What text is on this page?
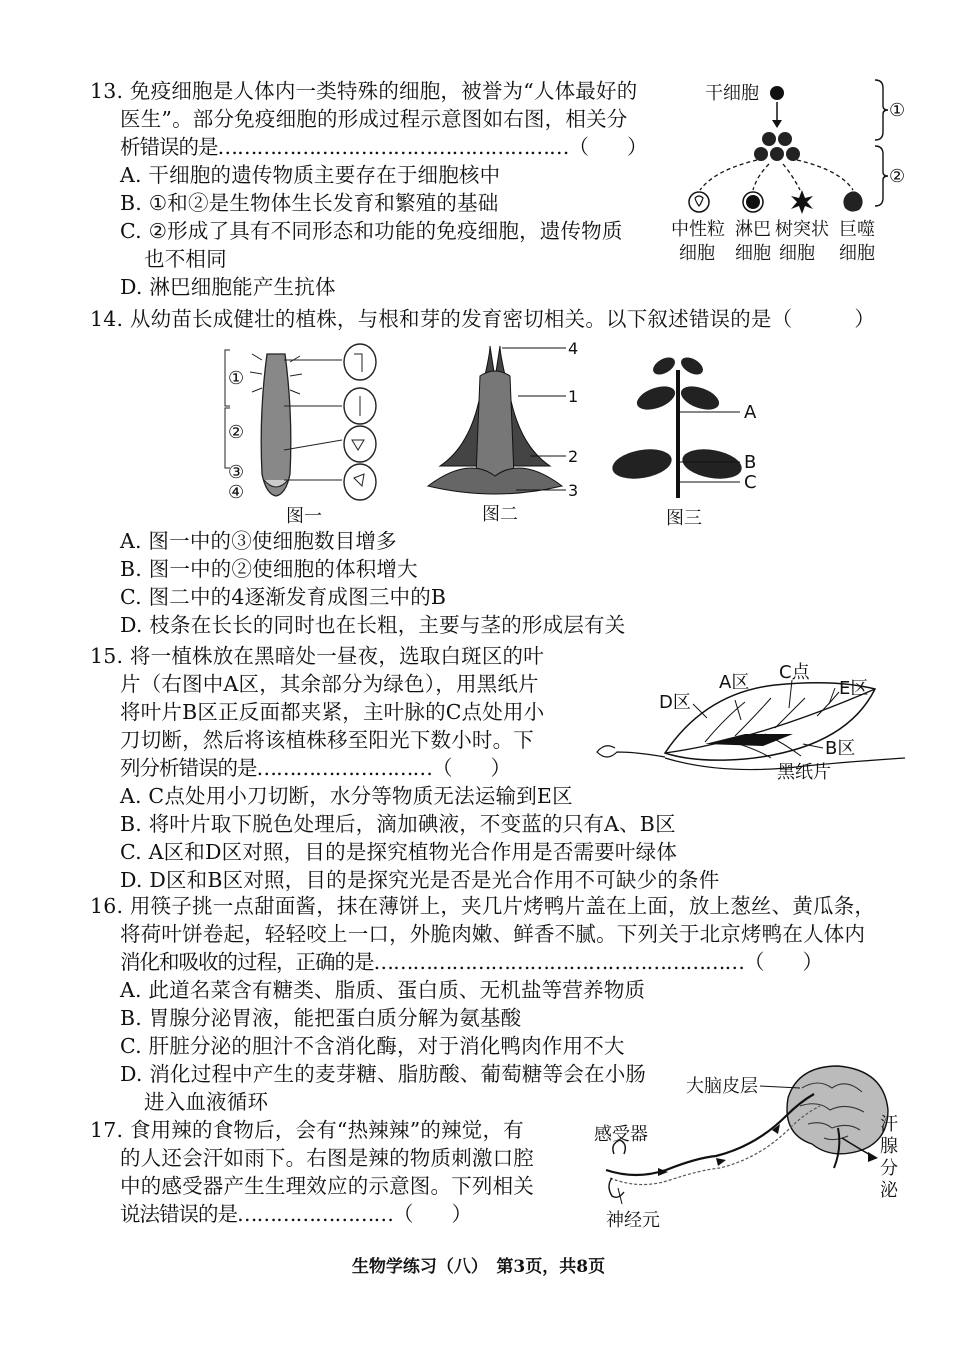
13. 免疫细胞是人体内一类特殊的细胞，被誉为“人体最好的
医生”。部分免疫细胞的形成过程示意图如右图，相关分
析错误的是………………………………………………（　　）
A. 干细胞的遗传物质主要存在于细胞核中
B. ①和②是生物体生长发育和繁殖的基础
C. ②形成了具有不同形态和功能的免疫细胞，遗传物质
也不相同
D. 淋巴细胞能产生抗体
干细胞
中性粒
细胞
淋巴
细胞
树突状
细胞
巨噬
细胞
①
②
14. 从幼苗长成健壮的植株，与根和芽的发育密切相关。以下叙述错误的是（　　　）
①
②
③
④
图一
4
1
2
3
图二
A
B
C
图三
A. 图一中的③使细胞数目增多
B. 图一中的②使细胞的体积增大
C. 图二中的4逐渐发育成图三中的B
D. 枝条在长长的同时也在长粗，主要与茎的形成层有关
15. 将一植株放在黑暗处一昼夜，选取白斑区的叶
片（右图中A区，其余部分为绿色），用黑纸片
将叶片B区正反面都夹紧，主叶脉的C点处用小
刀切断，然后将该植株移至阳光下数小时。下
列分析错误的是………………………（　　）
A区 C点
E区
D区
B区
黑纸片
A. C点处用小刀切断，水分等物质无法运输到E区
B. 将叶片取下脱色处理后，滴加碘液，不变蓝的只有A、B区
C. A区和D区对照，目的是探究植物光合作用是否需要叶绿体
D. D区和B区对照，目的是探究光是否是光合作用不可缺少的条件
16. 用筷子挑一点甜面酱，抹在薄饼上，夹几片烤鸭片盖在上面，放上葱丝、黄瓜条，
将荷叶饼卷起，轻轻咬上一口，外脆肉嫩、鲜香不腻。下列关于北京烤鸭在人体内
消化和吸收的过程，正确的是…………………………………………………（　　）
A. 此道名菜含有糖类、脂质、蛋白质、无机盐等营养物质
B. 胃腺分泌胃液，能把蛋白质分解为氨基酸
C. 肝脏分泌的胆汁不含消化酶，对于消化鸭肉作用不大
D. 消化过程中产生的麦芽糖、脂肪酸、葡萄糖等会在小肠
进入血液循环
17. 食用辣的食物后，会有“热辣辣”的辣觉，有
的人还会汗如雨下。右图是辣的物质刺激口腔
中的感受器产生生理效应的示意图。下列相关
说法错误的是……………………（　　）
大脑皮层
感受器
神经元
汗
腺
分
泌
生物学练习（八）　第3页，共8页
